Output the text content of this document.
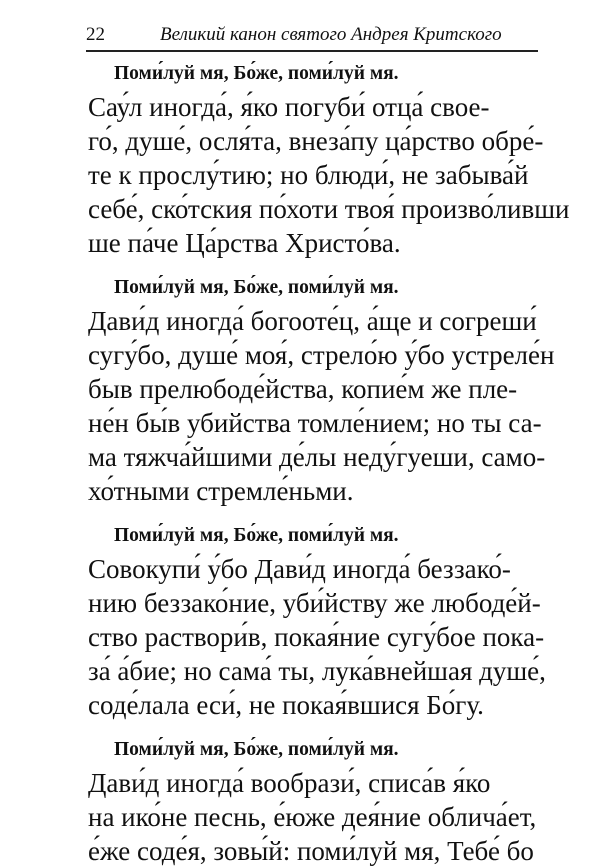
22	Великий канон святого Андрея Критского
Поми́луй мя, Бо́же, поми́луй мя.
Сау́л иногда́, я́ко погуби́ отца́ свое-
го́, душе́, осля́та, внеза́пу ца́рство обре́-
те к прослу́тию; но блюди́, не забыва́й
себе́, ско́тския по́хоти твоя́ произво́ливши
ше па́че Ца́рства Христо́ва.
Поми́луй мя, Бо́же, поми́луй мя.
Дави́д иногда́ богооте́ц, а́ще и согреши́
сугу́бо, душе́ моя́, стрело́ю у́бо устреле́н
быв прелюбоде́йства, копие́м же пле-
не́н бы́в убийства томле́нием; но ты са-
ма тяжча́йшими де́лы неду́гуеши, само-
хо́тными стремле́ньми.
Поми́луй мя, Бо́же, поми́луй мя.
Совокупи́ у́бо Дави́д иногда́ беззако́-
нию беззако́ние, уби́йству же любоде́й-
ство раствори́в, покая́ние сугу́бое пока-
за́ а́бие; но сама́ ты, лука́внейшая душе́,
соде́лала еси́, не покая́вшися Бо́гу.
Поми́луй мя, Бо́же, поми́луй мя.
Дави́д иногда́ вообрази́, списа́в я́ко
на ико́не песнь, е́юже дея́ние облича́ет,
е́же соде́я, зовы́й: поми́луй мя, Тебе́ бо
